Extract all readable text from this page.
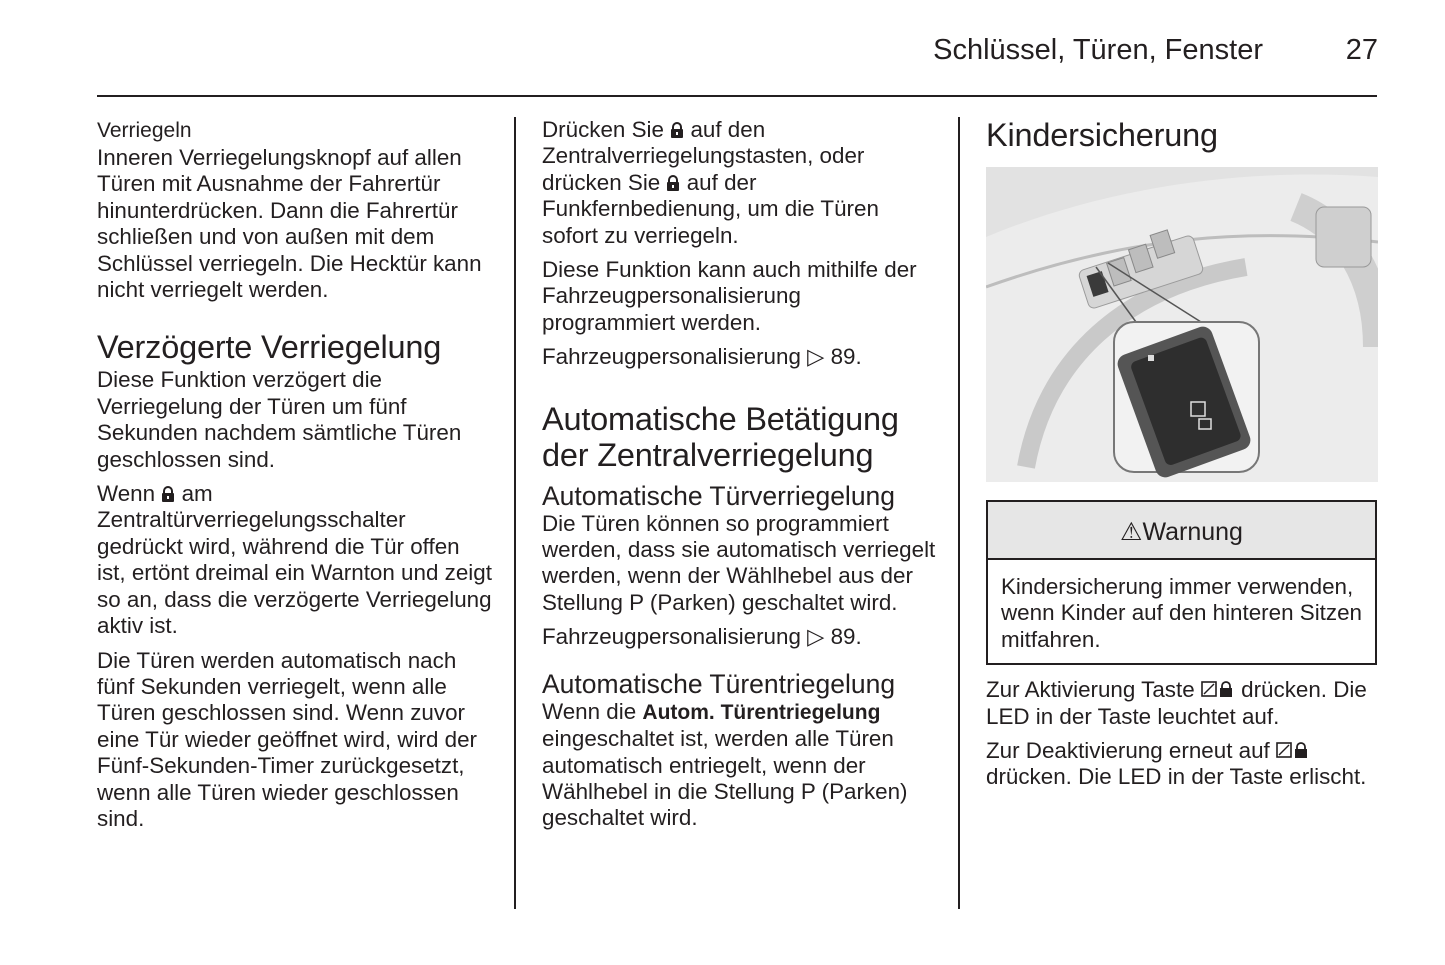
Schlüssel, Türen, Fenster	27
Verriegeln

Inneren Verriegelungsknopf auf allen Türen mit Ausnahme der Fahrertür hinunterdrücken. Dann die Fahrertür schließen und von außen mit dem Schlüssel verriegeln. Die Hecktür kann nicht verriegelt werden.

Verzögerte Verriegelung

Diese Funktion verzögert die Verriegelung der Türen um fünf Sekunden nachdem sämtliche Türen geschlossen sind.

Wenn am Zentraltürverriegelungsschalter gedrückt wird, während die Tür offen ist, ertönt dreimal ein Warnton und zeigt so an, dass die verzögerte Verriegelung aktiv ist.

Die Türen werden automatisch nach fünf Sekunden verriegelt, wenn alle Türen geschlossen sind. Wenn zuvor eine Tür wieder geöffnet wird, wird der Fünf-Sekunden-Timer zurückgesetzt, wenn alle Türen wieder geschlossen sind.

Drücken Sie auf den Zentralverriegelungstasten, oder drücken Sie auf der Funkfernbedienung, um die Türen sofort zu verriegeln.

Diese Funktion kann auch mithilfe der Fahrzeugpersonalisierung programmiert werden.

Fahrzeugpersonalisierung ▷ 89.

Automatische Betätigung
der Zentralverriegelung
Automatische Türverriegelung

Die Türen können so programmiert werden, dass sie automatisch verriegelt werden, wenn der Wählhebel aus der Stellung P (Parken) geschaltet wird.

Fahrzeugpersonalisierung ▷ 89.

Automatische Türentriegelung

Wenn die Autom. Türentriegelung eingeschaltet ist, werden alle Türen automatisch entriegelt, wenn der Wählhebel in die Stellung P (Parken) geschaltet wird.

Kindersicherung
⚠Warnung
Kindersicherung immer verwenden, wenn Kinder auf den hinteren Sitzen mitfahren.

Zur Aktivierung Taste drücken. Die LED in der Taste leuchtet auf.

Zur Deaktivierung erneut auf  drücken. Die LED in der Taste erlischt.
